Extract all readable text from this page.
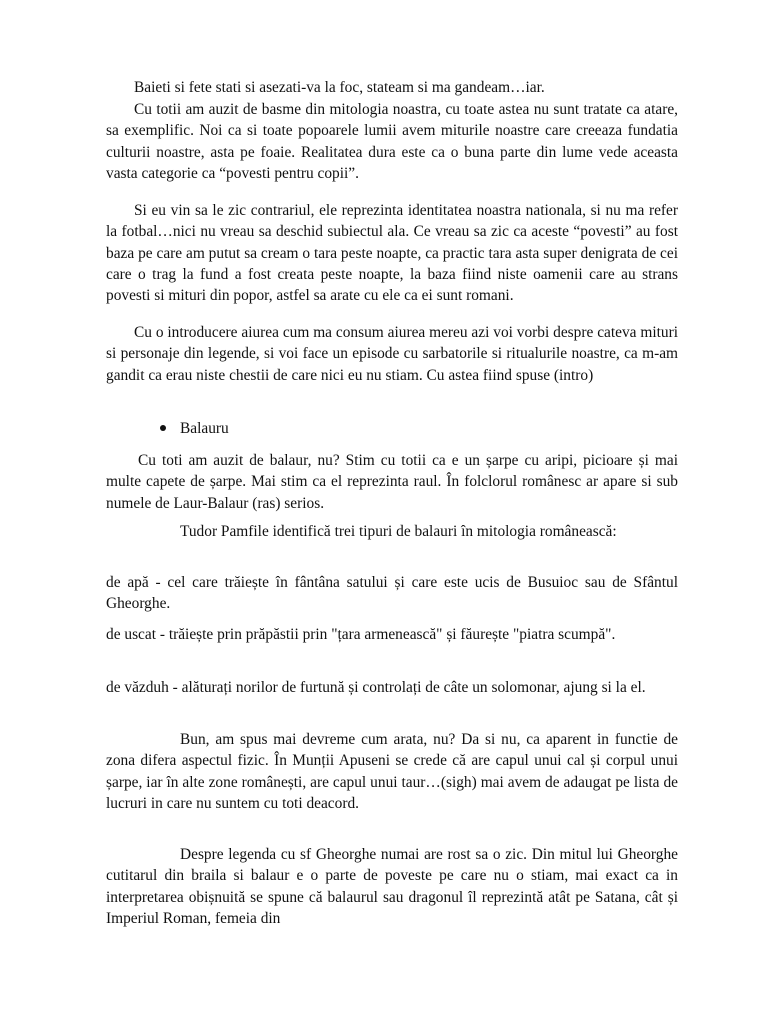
Baieti si fete stati si asezati-va la foc, stateam si ma gandeam…iar.

Cu totii am auzit de basme din mitologia noastra, cu toate astea nu sunt tratate ca atare, sa exemplific. Noi ca si toate popoarele lumii avem miturile noastre care creeaza fundatia culturii noastre, asta pe foaie. Realitatea dura este ca o buna parte din lume vede aceasta vasta categorie ca “povesti pentru copii”.

Si eu vin sa le zic contrariul, ele reprezinta identitatea noastra nationala, si nu ma refer la fotbal…nici nu vreau sa deschid subiectul ala. Ce vreau sa zic ca aceste “povesti” au fost baza pe care am putut sa cream o tara peste noapte, ca practic tara asta super denigrata de cei care o trag la fund a fost creata peste noapte, la baza fiind niste oamenii care au strans povesti si mituri din popor, astfel sa arate cu ele ca ei sunt romani.

Cu o introducere aiurea cum ma consum aiurea mereu azi voi vorbi despre cateva mituri si personaje din legende, si voi face un episode cu sarbatorile si ritualurile noastre, ca m-am gandit ca erau niste chestii de care nici eu nu stiam. Cu astea fiind spuse (intro)

Balauru

Cu toti am auzit de balaur, nu? Stim cu totii ca e un șarpe cu aripi, picioare și mai multe capete de șarpe. Mai stim ca el reprezinta raul. În folclorul românesc ar apare si sub numele de Laur-Balaur (ras) serios.

Tudor Pamfile identifică trei tipuri de balauri în mitologia românească:

de apă - cel care trăiește în fântâna satului și care este ucis de Busuioc sau de Sfântul Gheorghe.

de uscat - trăiește prin prăpăstii prin "țara armenească" și făurește "piatra scumpă".

de văzduh - alăturați norilor de furtună și controlați de câte un solomonar, ajung si la el.

Bun, am spus mai devreme cum arata, nu? Da si nu, ca aparent in functie de zona difera aspectul fizic. În Munții Apuseni se crede că are capul unui cal și corpul unui șarpe, iar în alte zone românești, are capul unui taur…(sigh) mai avem de adaugat pe lista de lucruri in care nu suntem cu toti deacord.

Despre legenda cu sf Gheorghe numai are rost sa o zic. Din mitul lui Gheorghe cutitarul din braila si balaur e o parte de poveste pe care nu o stiam, mai exact ca in interpretarea obișnuită se spune că balaurul sau dragonul îl reprezintă atât pe Satana, cât și Imperiul Roman, femeia din
